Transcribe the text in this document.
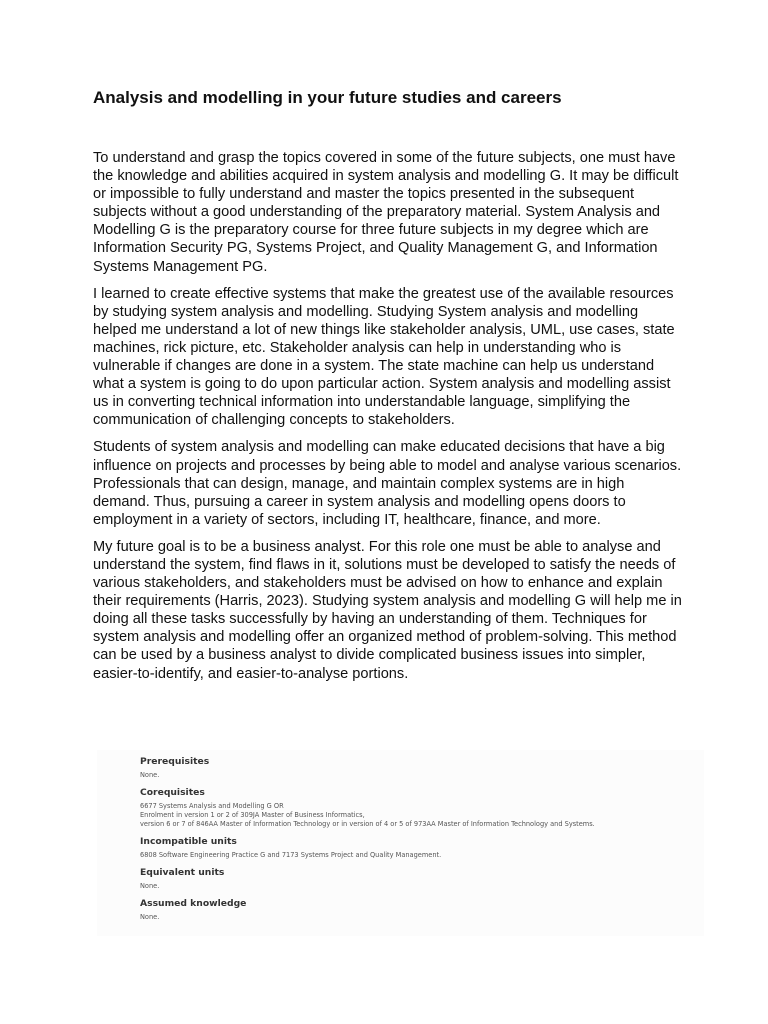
Analysis and modelling in your future studies and careers

To understand and grasp the topics covered in some of the future subjects, one must have the knowledge and abilities acquired in system analysis and modelling G. It may be difficult or impossible to fully understand and master the topics presented in the subsequent subjects without a good understanding of the preparatory material. System Analysis and Modelling G is the preparatory course for three future subjects in my degree which are Information Security PG, Systems Project, and Quality Management G, and Information Systems Management PG.

I learned to create effective systems that make the greatest use of the available resources by studying system analysis and modelling. Studying System analysis and modelling helped me understand a lot of new things like stakeholder analysis, UML, use cases, state machines, rick picture, etc. Stakeholder analysis can help in understanding who is vulnerable if changes are done in a system. The state machine can help us understand what a system is going to do upon particular action. System analysis and modelling assist us in converting technical information into understandable language, simplifying the communication of challenging concepts to stakeholders.

Students of system analysis and modelling can make educated decisions that have a big influence on projects and processes by being able to model and analyse various scenarios. Professionals that can design, manage, and maintain complex systems are in high demand. Thus, pursuing a career in system analysis and modelling opens doors to employment in a variety of sectors, including IT, healthcare, finance, and more.

My future goal is to be a business analyst. For this role one must be able to analyse and understand the system, find flaws in it, solutions must be developed to satisfy the needs of various stakeholders, and stakeholders must be advised on how to enhance and explain their requirements (Harris, 2023). Studying system analysis and modelling G will help me in doing all these tasks successfully by having an understanding of them. Techniques for system analysis and modelling offer an organized method of problem-solving. This method can be used by a business analyst to divide complicated business issues into simpler, easier-to-identify, and easier-to-analyse portions.

Prerequisites
None.
Corequisites
6677 Systems Analysis and Modelling G OR
Enrolment in version 1 or 2 of 309JA Master of Business Informatics,
version 6 or 7 of 846AA Master of Information Technology or in version of 4 or 5 of 973AA Master of Information Technology and Systems.
Incompatible units
6808 Software Engineering Practice G and 7173 Systems Project and Quality Management.
Equivalent units
None.
Assumed knowledge
None.
